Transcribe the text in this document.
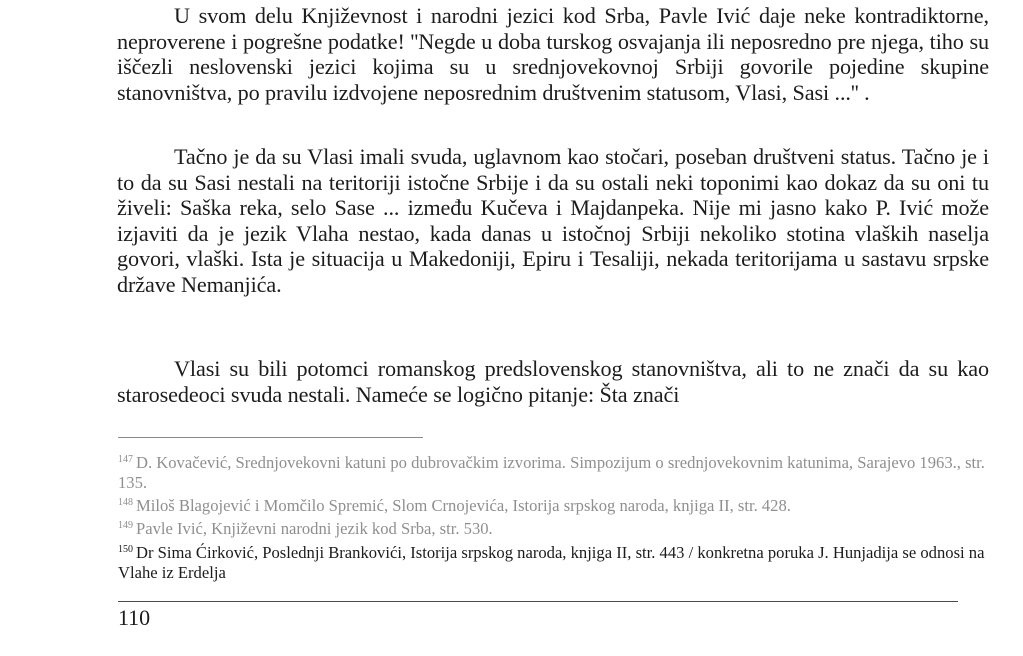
U svom delu Književnost i narodni jezici kod Srba, Pavle Ivić daje neke kontradiktorne, neproverene i pogrešne podatke! ''Negde u doba turskog osvajanja ili neposredno pre njega, tiho su iščezli neslovenski jezici kojima su u srednjovekovnoj Srbiji govorile pojedine skupine stanovništva, po pravilu izdvojene neposrednim društvenim statusom, Vlasi, Sasi ...'' .

Tačno je da su Vlasi imali svuda, uglavnom kao stočari, poseban društveni status. Tačno je i to da su Sasi nestali na teritoriji istočne Srbije i da su ostali neki toponimi kao dokaz da su oni tu živeli: Saška reka, selo Sase ... između Kučeva i Majdanpeka. Nije mi jasno kako P. Ivić može izjaviti da je jezik Vlaha nestao, kada danas u istočnoj Srbiji nekoliko stotina vlaških naselja govori, vlaški. Ista je situacija u Makedoniji, Epiru i Tesaliji, nekada teritorijama u sastavu srpske države Nemanjića.

Vlasi su bili potomci romanskog predslovenskog stanovništva, ali to ne znači da su kao starosedeoci svuda nestali. Nameće se logično pitanje: Šta znači

$^{147}$ D. Kovačević, Srednjovekovni katuni po dubrovačkim izvorima. Simpozijum o srednjovekovnim katunima, Sarajevo 1963., str. 135.

$^{148}$ Miloš Blagojević i Momčilo Spremić, Slom Crnojevića, Istorija srpskog naroda, knjiga II, str. 428.

$^{149}$ Pavle Ivić, Književni narodni jezik kod Srba, str. 530.

$^{150}$ Dr Sima Ćirković, Poslednji Brankovići, Istorija srpskog naroda, knjiga II, str. 443 / konkretna poruka J. Hunjadija se odnosi na Vlahe iz Erdelja

110
